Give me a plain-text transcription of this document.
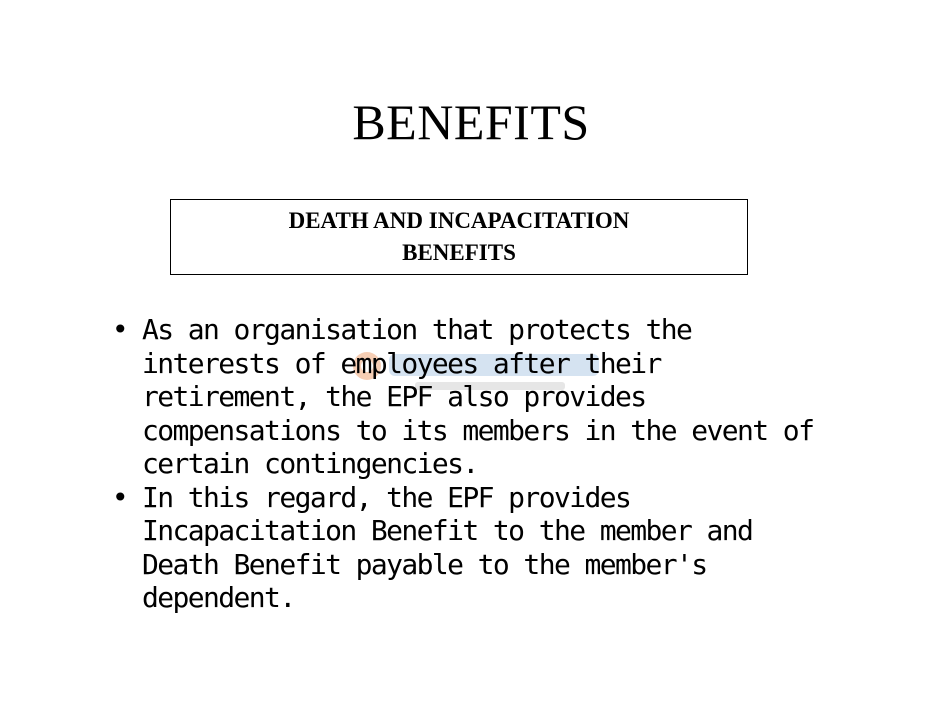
BENEFITS
DEATH AND INCAPACITATION BENEFITS
• As an organisation that protects the interests of employees after their retirement, the EPF also provides compensations to its members in the event of certain contingencies.
• In this regard, the EPF provides Incapacitation Benefit to the member and Death Benefit payable to the member's dependent.
